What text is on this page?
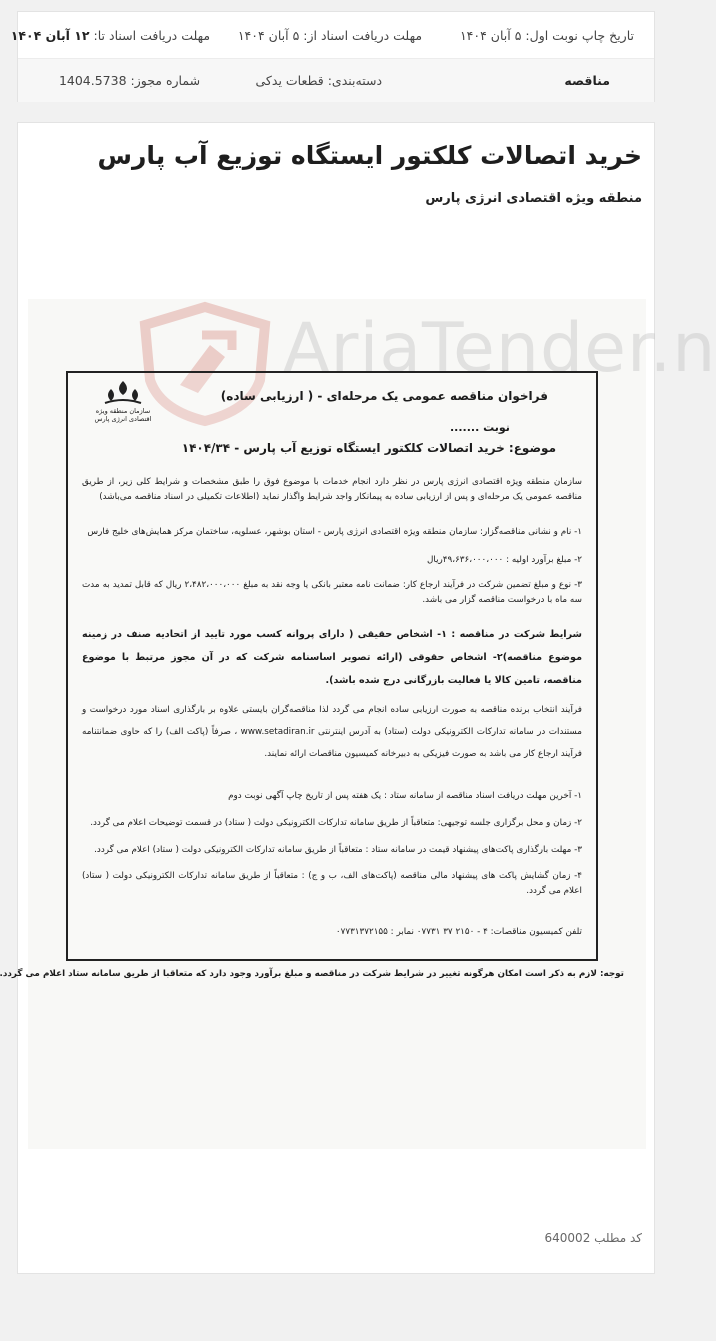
تاریخ چاپ نوبت اول: ۵ آبان ۱۴۰۴
مهلت دریافت اسناد از: ۵ آبان ۱۴۰۴
مهلت دریافت اسناد تا: ۱۲ آبان ۱۴۰۴
مناقصه
دسته‌بندی: قطعات یدکی
شماره مجوز: 1404.5738
خرید اتصالات کلکتور ایستگاه توزیع آب پارس
منطقه ویژه اقتصادی انرژی پارس
AriaTender.n
فراخوان مناقصه عمومی یک مرحله‌ای - ( ارزیابی ساده)
سازمان منطقه ویژه اقتصادی انرژی پارس
نوبت .......
موضوع: خرید اتصالات کلکتور ایستگاه توزیع آب پارس - ۱۴۰۴/۳۴
سازمان منطقه ویژه اقتصادی انرژی پارس در نظر دارد انجام خدمات با موضوع فوق را طبق مشخصات و شرایط کلی زیر، از طریق مناقصه عمومی یک مرحله‌ای و پس از ارزیابی ساده به پیمانکار واجد شرایط واگذار نماید (اطلاعات تکمیلی در اسناد مناقصه می‌باشد)
۱- نام و نشانی مناقصه‌گزار: سازمان منطقه ویژه اقتصادی انرژی پارس - استان بوشهر، عسلویه، ساختمان مرکز همایش‌های خلیج فارس
۲- مبلغ برآورد اولیه : ۴۹،۶۳۶،۰۰۰،۰۰۰ریال
۳- نوع و مبلغ تضمین شرکت در فرآیند ارجاع کار: ضمانت نامه معتبر بانکی یا وجه نقد به مبلغ ۲،۴۸۲،۰۰۰،۰۰۰ ریال که قابل تمدید به مدت سه ماه با درخواست مناقصه گزار می باشد.
شرایط شرکت در مناقصه : ۱- اشخاص حقیقی ( دارای پروانه کسب مورد تایید از اتحادیه صنف در زمینه موضوع مناقصه)۲- اشخاص حقوقی (ارائه تصویر اساسنامه شرکت که در آن مجوز مرتبط با موضوع مناقصه، تامین کالا یا فعالیت بازرگانی درج شده باشد).
فرآیند انتخاب برنده مناقصه به صورت ارزیابی ساده انجام می گردد لذا مناقصه‌گران بایستی علاوه بر بارگذاری اسناد مورد درخواست و مستندات در سامانه تدارکات الکترونیکی دولت (ستاد) به آدرس اینترنتی www.setadiran.ir ، صرفاً (پاکت الف) را که حاوی ضمانتنامه فرآیند ارجاع کار می باشد به صورت فیزیکی به دبیرخانه کمیسیون مناقصات ارائه نمایند.
۱- آخرین مهلت دریافت اسناد مناقصه از سامانه ستاد : یک هفته پس از تاریخ چاپ آگهی نوبت دوم
۲- زمان و محل برگزاری جلسه توجیهی: متعاقباً از طریق سامانه تدارکات الکترونیکی دولت ( ستاد) در قسمت توضیحات اعلام می گردد.
۳- مهلت بارگذاری پاکت‌های پیشنهاد قیمت در سامانه ستاد : متعاقباً از طریق سامانه تدارکات الکترونیکی دولت ( ستاد) اعلام می گردد.
۴- زمان گشایش پاکت های پیشنهاد مالی مناقصه (پاکت‌های الف، ب و ج) : متعاقباً از طریق سامانه تدارکات الکترونیکی دولت ( ستاد) اعلام می گردد.
تلفن کمیسیون مناقصات: ۴ - ۲۱۵۰ ۳۷ ۰۷۷۳۱ نمابر : ۰۷۷۳۱۳۷۲۱۵۵
توجه: لازم به ذکر است امکان هرگونه تغییر در شرایط شرکت در مناقصه و مبلغ برآورد وجود دارد که متعاقبا از طریق سامانه ستاد اعلام می گردد.
کد مطلب 640002
